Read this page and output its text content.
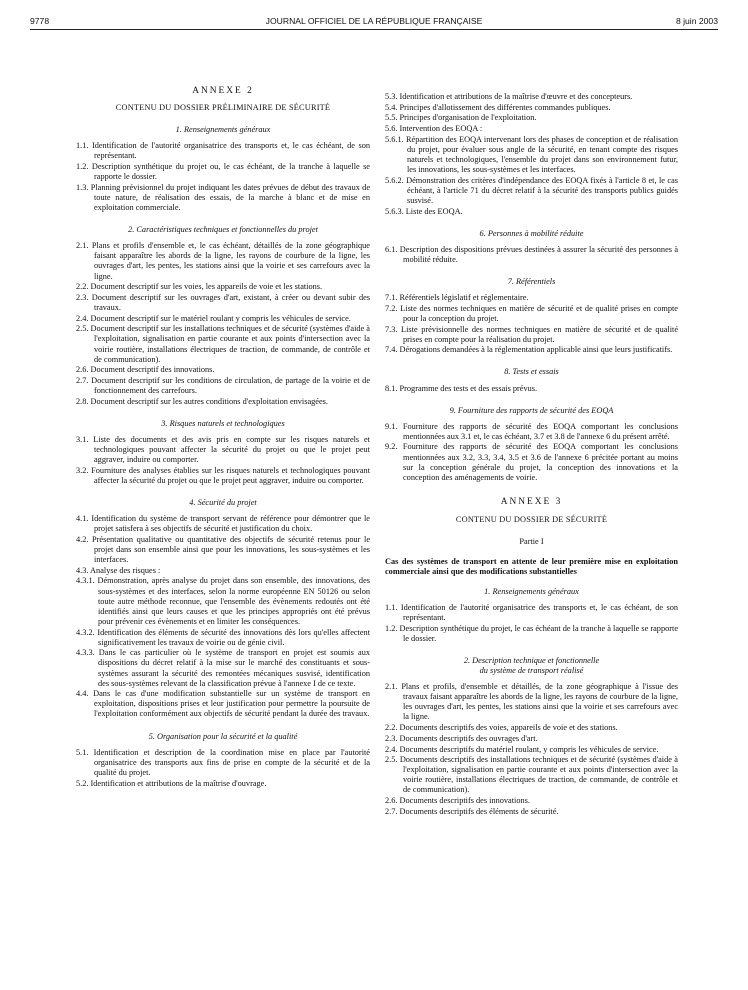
9778	JOURNAL OFFICIEL DE LA RÉPUBLIQUE FRANÇAISE	8 juin 2003
ANNEXE 2
CONTENU DU DOSSIER PRÉLIMINAIRE DE SÉCURITÉ
1. Renseignements généraux
1.1. Identification de l'autorité organisatrice des transports et, le cas échéant, de son représentant.
1.2. Description synthétique du projet ou, le cas échéant, de la tranche à laquelle se rapporte le dossier.
1.3. Planning prévisionnel du projet indiquant les dates prévues de début des travaux de toute nature, de réalisation des essais, de la marche à blanc et de mise en exploitation commerciale.
2. Caractéristiques techniques et fonctionnelles du projet
2.1. Plans et profils d'ensemble et, le cas échéant, détaillés de la zone géographique faisant apparaître les abords de la ligne, les rayons de courbure de la ligne, les ouvrages d'art, les pentes, les stations ainsi que la voirie et ses carrefours avec la ligne.
2.2. Document descriptif sur les voies, les appareils de voie et les stations.
2.3. Document descriptif sur les ouvrages d'art, existant, à créer ou devant subir des travaux.
2.4. Document descriptif sur le matériel roulant y compris les véhicules de service.
2.5. Document descriptif sur les installations techniques et de sécurité (systèmes d'aide à l'exploitation, signalisation en partie courante et aux points d'intersection avec la voirie routière, installations électriques de traction, de commande, de contrôle et de communication).
2.6. Document descriptif des innovations.
2.7. Document descriptif sur les conditions de circulation, de partage de la voirie et de fonctionnement des carrefours.
2.8. Document descriptif sur les autres conditions d'exploitation envisagées.
3. Risques naturels et technologiques
3.1. Liste des documents et des avis pris en compte sur les risques naturels et technologiques pouvant affecter la sécurité du projet ou que le projet peut aggraver, induire ou comporter.
3.2. Fourniture des analyses établies sur les risques naturels et technologiques pouvant affecter la sécurité du projet ou que le projet peut aggraver, induire ou comporter.
4. Sécurité du projet
4.1. Identification du système de transport servant de référence pour démontrer que le projet satisfera à ses objectifs de sécurité et justification du choix.
4.2. Présentation qualitative ou quantitative des objectifs de sécurité retenus pour le projet dans son ensemble ainsi que pour les innovations, les sous-systèmes et les interfaces.
4.3. Analyse des risques :
4.3.1. Démonstration, après analyse du projet dans son ensemble, des innovations, des sous-systèmes et des interfaces, selon la norme européenne EN 50126 ou selon toute autre méthode reconnue, que l'ensemble des évènements redoutés ont été identifiés ainsi que leurs causes et que les principes appropriés ont été prévus pour prévenir ces évènements et en limiter les conséquences.
4.3.2. Identification des éléments de sécurité des innovations dès lors qu'elles affectent significativement les travaux de voirie ou de génie civil.
4.3.3. Dans le cas particulier où le système de transport en projet est soumis aux dispositions du décret relatif à la mise sur le marché des constituants et sous-systèmes assurant la sécurité des remontées mécaniques susvisé, identification des sous-systèmes relevant de la classification prévue à l'annexe I de ce texte.
4.4. Dans le cas d'une modification substantielle sur un système de transport en exploitation, dispositions prises et leur justification pour permettre la poursuite de l'exploitation conformément aux objectifs de sécurité pendant la durée des travaux.
5. Organisation pour la sécurité et la qualité
5.1. Identification et description de la coordination mise en place par l'autorité organisatrice des transports aux fins de prise en compte de la sécurité et de la qualité du projet.
5.2. Identification et attributions de la maîtrise d'ouvrage.
5.3. Identification et attributions de la maîtrise d'œuvre et des concepteurs.
5.4. Principes d'allotissement des différentes commandes publiques.
5.5. Principes d'organisation de l'exploitation.
5.6. Intervention des EOQA :
5.6.1. Répartition des EOQA intervenant lors des phases de conception et de réalisation du projet, pour évaluer sous angle de la sécurité, en tenant compte des risques naturels et technologiques, l'ensemble du projet dans son environnement futur, les innovations, les sous-systèmes et les interfaces.
5.6.2. Démonstration des critères d'indépendance des EOQA fixés à l'article 8 et, le cas échéant, à l'article 71 du décret relatif à la sécurité des transports publics guidés susvisé.
5.6.3. Liste des EOQA.
6. Personnes à mobilité réduite
6.1. Description des dispositions prévues destinées à assurer la sécurité des personnes à mobilité réduite.
7. Référentiels
7.1. Référentiels législatif et réglementaire.
7.2. Liste des normes techniques en matière de sécurité et de qualité prises en compte pour la conception du projet.
7.3. Liste prévisionnelle des normes techniques en matière de sécurité et de qualité prises en compte pour la réalisation du projet.
7.4. Dérogations demandées à la réglementation applicable ainsi que leurs justificatifs.
8. Tests et essais
8.1. Programme des tests et des essais prévus.
9. Fourniture des rapports de sécurité des EOQA
9.1. Fourniture des rapports de sécurité des EOQA comportant les conclusions mentionnées aux 3.1 et, le cas échéant, 3.7 et 3.8 de l'annexe 6 du présent arrêté.
9.2. Fourniture des rapports de sécurité des EOQA comportant les conclusions mentionnées aux 3.2, 3.3, 3.4, 3.5 et 3.6 de l'annexe 6 précitée portant au moins sur la conception générale du projet, la conception des innovations et la conception des aménagements de voirie.
ANNEXE 3
CONTENU DU DOSSIER DE SÉCURITÉ
Partie I
Cas des systèmes de transport en attente de leur première mise en exploitation commerciale ainsi que des modifications substantielles
1. Renseignements généraux
1.1. Identification de l'autorité organisatrice des transports et, le cas échéant, de son représentant.
1.2. Description synthétique du projet, le cas échéant de la tranche à laquelle se rapporte le dossier.
2. Description technique et fonctionnelle
du système de transport réalisé
2.1. Plans et profils, d'ensemble et détaillés, de la zone géographique à l'issue des travaux faisant apparaître les abords de la ligne, les rayons de courbure de la ligne, les ouvrages d'art, les pentes, les stations ainsi que la voirie et ses carrefours avec la ligne.
2.2. Documents descriptifs des voies, appareils de voie et des stations.
2.3. Documents descriptifs des ouvrages d'art.
2.4. Documents descriptifs du matériel roulant, y compris les véhicules de service.
2.5. Documents descriptifs des installations techniques et de sécurité (systèmes d'aide à l'exploitation, signalisation en partie courante et aux points d'intersection avec la voirie routière, installations électriques de traction, de commande, de contrôle et de communication).
2.6. Documents descriptifs des innovations.
2.7. Documents descriptifs des éléments de sécurité.
